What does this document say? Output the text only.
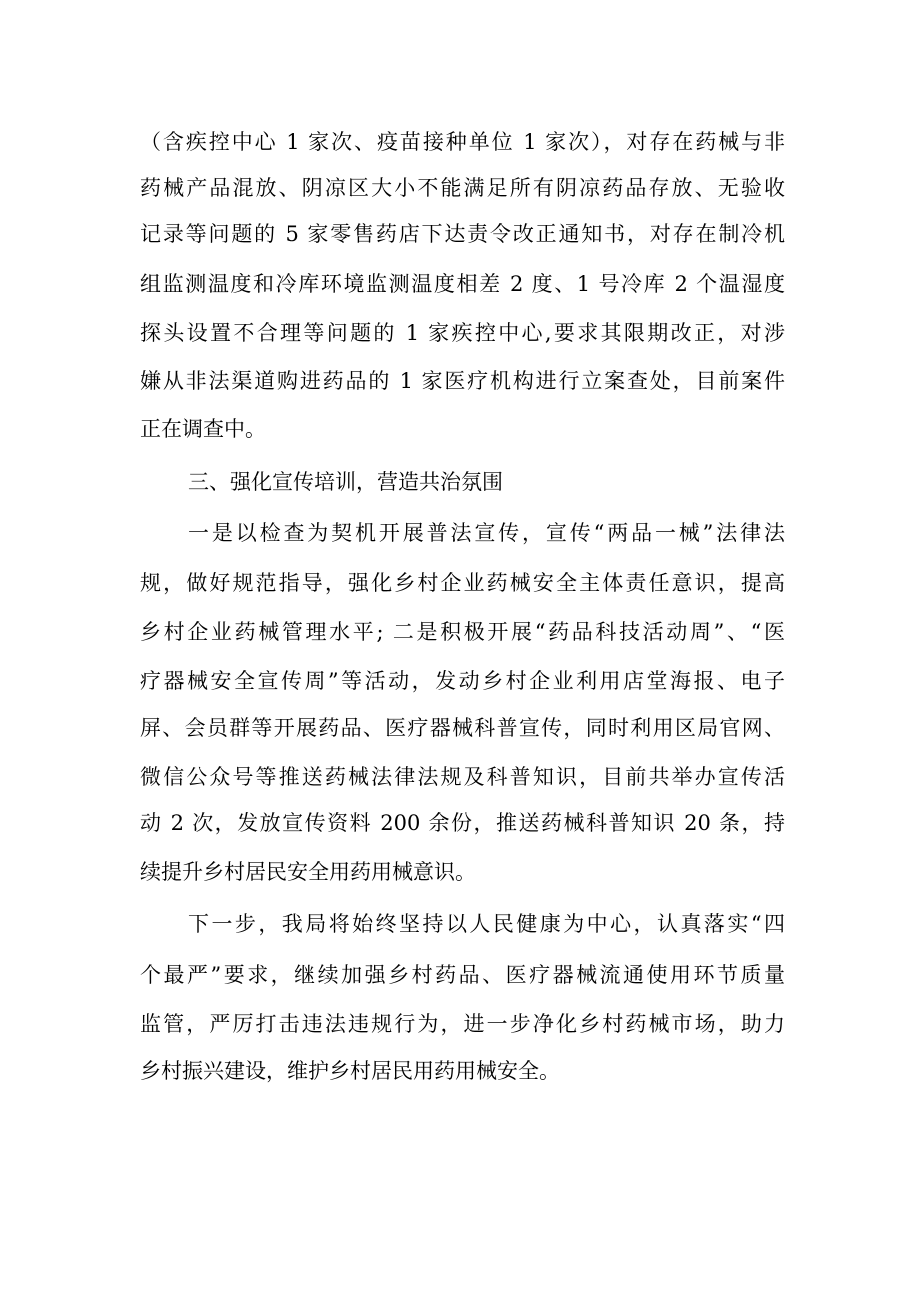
（含疾控中心 1 家次、疫苗接种单位 1 家次），对存在药械与非
药械产品混放、阴凉区大小不能满足所有阴凉药品存放、无验收
记录等问题的 5 家零售药店下达责令改正通知书，对存在制冷机
组监测温度和冷库环境监测温度相差 2 度、1 号冷库 2 个温湿度
探头设置不合理等问题的 1 家疾控中心,要求其限期改正，对涉
嫌从非法渠道购进药品的 1 家医疗机构进行立案查处，目前案件
正在调查中。
三、强化宣传培训，营造共治氛围
一是以检查为契机开展普法宣传，宣传“两品一械”法律法
规，做好规范指导，强化乡村企业药械安全主体责任意识，提高
乡村企业药械管理水平; 二是积极开展“药品科技活动周”、“医
疗器械安全宣传周”等活动，发动乡村企业利用店堂海报、电子
屏、会员群等开展药品、医疗器械科普宣传，同时利用区局官网、
微信公众号等推送药械法律法规及科普知识，目前共举办宣传活
动 2 次，发放宣传资料 200 余份，推送药械科普知识 20 条，持
续提升乡村居民安全用药用械意识。
下一步，我局将始终坚持以人民健康为中心，认真落实“四
个最严”要求，继续加强乡村药品、医疗器械流通使用环节质量
监管，严厉打击违法违规行为，进一步净化乡村药械市场，助力
乡村振兴建设，维护乡村居民用药用械安全。
